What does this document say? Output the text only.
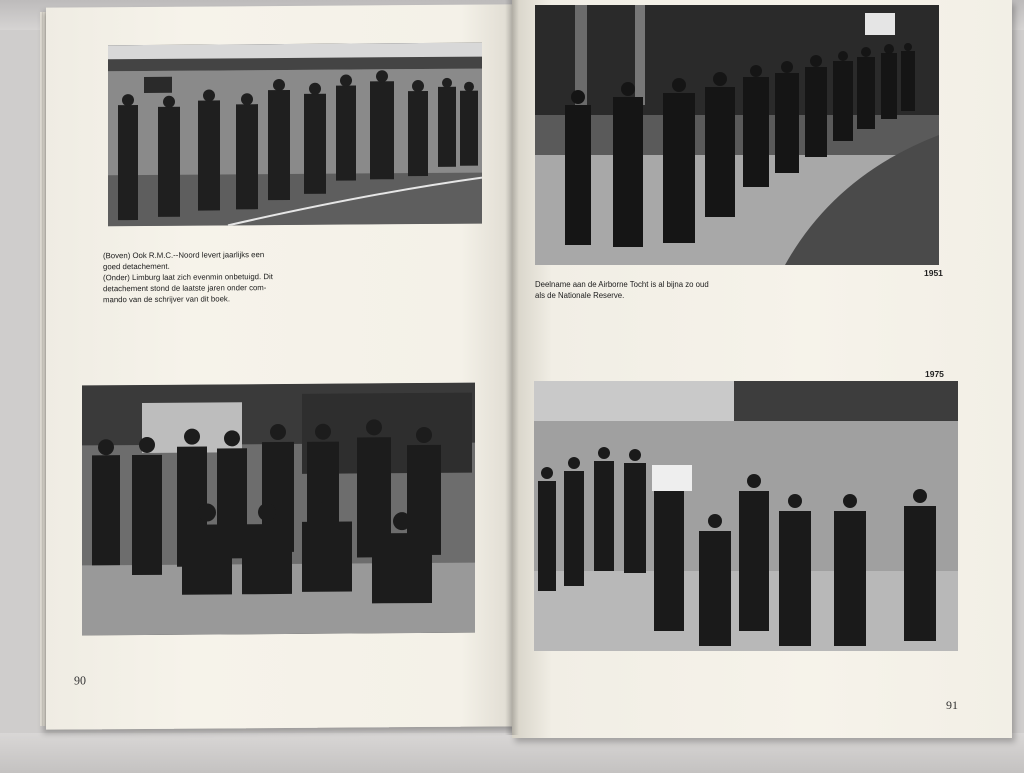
(Boven) Ook R.M.C.--Noord levert jaarlijks een
goed detachement.
(Onder) Limburg laat zich evenmin onbetuigd. Dit
detachement stond de laatste jaren onder com-
mando van de schrijver van dit boek.
90
1951
Deelname aan de Airborne Tocht is al bijna zo oud
als de Nationale Reserve.
1975
91
